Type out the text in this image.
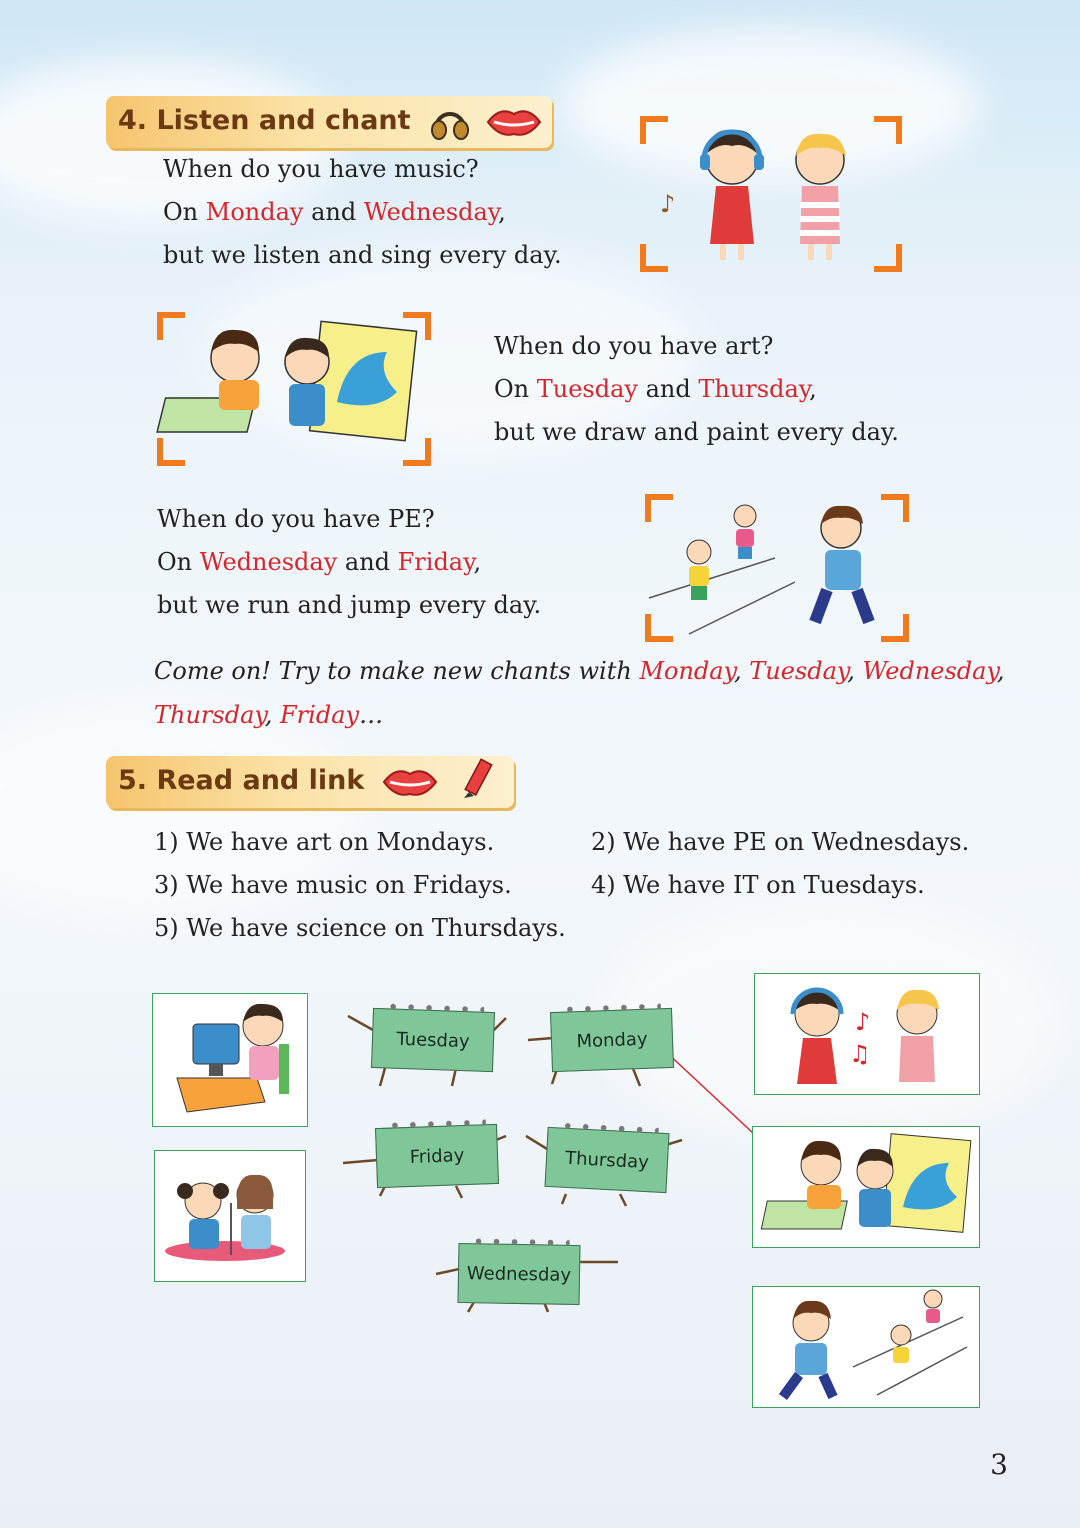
4. Listen and chant
When do you have music?
On Monday and Wednesday,
but we listen and sing every day.
♪
When do you have art?
On Tuesday and Thursday,
but we draw and paint every day.
When do you have PE?
On Wednesday and Friday,
but we run and jump every day.
Come on! Try to make new chants with Monday, Tuesday, Wednesday,
Thursday, Friday…
5. Read and link
1) We have art on Mondays.	2) We have PE on Wednesdays.
3) We have music on Fridays.	4) We have IT on Tuesdays.
5) We have science on Thursdays.
Tuesday	Monday
Friday	Thursday
Wednesday
♪
♫
3
